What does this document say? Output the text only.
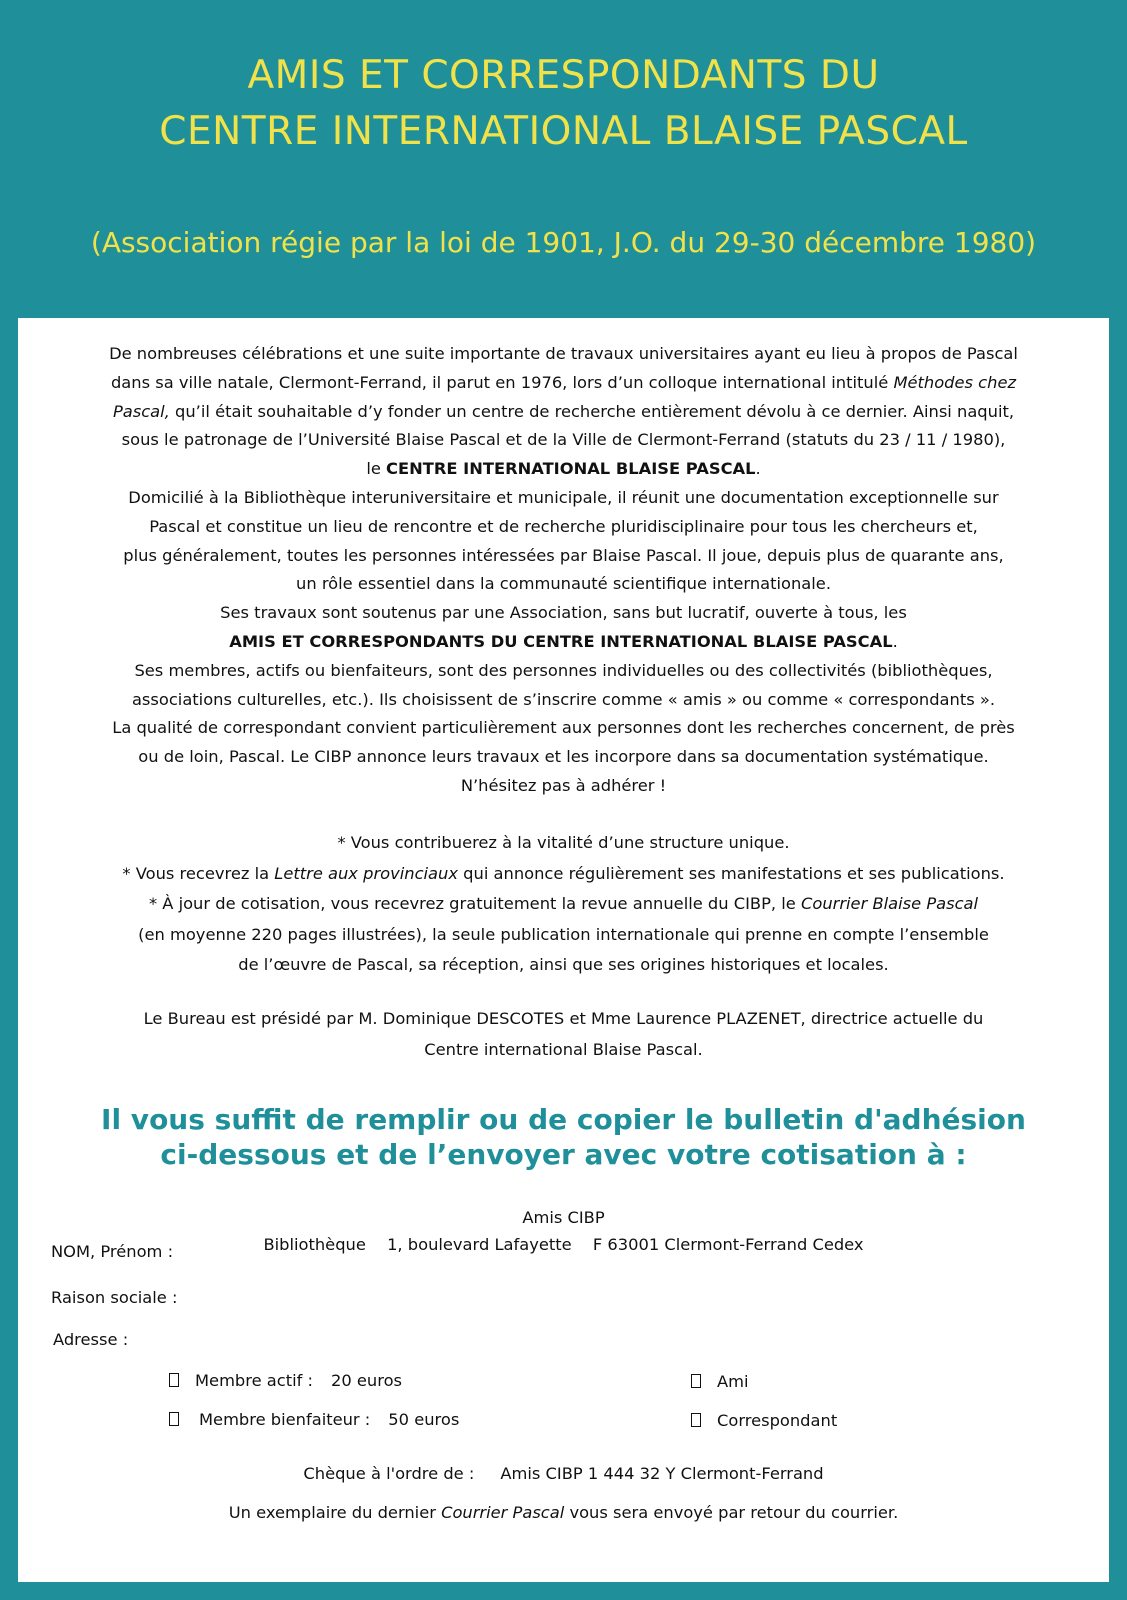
AMIS ET CORRESPONDANTS DU
CENTRE INTERNATIONAL BLAISE PASCAL

(Association régie par la loi de 1901, J.O. du 29-30 décembre 1980)

De nombreuses célébrations et une suite importante de travaux universitaires ayant eu lieu à propos de Pascal

dans sa ville natale, Clermont-Ferrand, il parut en 1976, lors d’un colloque international intitulé Méthodes chez

Pascal, qu’il était souhaitable d’y fonder un centre de recherche entièrement dévolu à ce dernier. Ainsi naquit,

sous le patronage de l’Université Blaise Pascal et de la Ville de Clermont-Ferrand (statuts du 23 / 11 / 1980),

le CENTRE INTERNATIONAL BLAISE PASCAL.

Domicilié à la Bibliothèque interuniversitaire et municipale, il réunit une documentation exceptionnelle sur

Pascal et constitue un lieu de rencontre et de recherche pluridisciplinaire pour tous les chercheurs et,

plus généralement, toutes les personnes intéressées par Blaise Pascal. Il joue, depuis plus de quarante ans,

un rôle essentiel dans la communauté scientifique internationale.

Ses travaux sont soutenus par une Association, sans but lucratif, ouverte à tous, les

AMIS ET CORRESPONDANTS DU CENTRE INTERNATIONAL BLAISE PASCAL.

Ses membres, actifs ou bienfaiteurs, sont des personnes individuelles ou des collectivités (bibliothèques,

associations culturelles, etc.). Ils choisissent de s’inscrire comme « amis » ou comme « correspondants ».

La qualité de correspondant convient particulièrement aux personnes dont les recherches concernent, de près

ou de loin, Pascal. Le CIBP annonce leurs travaux et les incorpore dans sa documentation systématique.

N’hésitez pas à adhérer !

* Vous contribuerez à la vitalité d’une structure unique.

* Vous recevrez la Lettre aux provinciaux qui annonce régulièrement ses manifestations et ses publications.

* À jour de cotisation, vous recevrez gratuitement la revue annuelle du CIBP, le Courrier Blaise Pascal

(en moyenne 220 pages illustrées), la seule publication internationale qui prenne en compte l’ensemble

de l’œuvre de Pascal, sa réception, ainsi que ses origines historiques et locales.

Le Bureau est présidé par M. Dominique DESCOTES et Mme Laurence PLAZENET, directrice actuelle du

Centre international Blaise Pascal.

Il vous suffit de remplir ou de copier le bulletin d'adhésion

ci-dessous et de l’envoyer avec votre cotisation à :

Amis CIBP

Bibliothèque 1, boulevard Lafayette F 63001 Clermont-Ferrand Cedex

NOM, Prénom :
Raison sociale :
Adresse :
Membre actif : 20 euros
Membre bienfaiteur : 50 euros
Ami
Correspondant
Chèque à l'ordre de : Amis CIBP 1 444 32 Y Clermont-Ferrand
Un exemplaire du dernier Courrier Pascal vous sera envoyé par retour du courrier.
